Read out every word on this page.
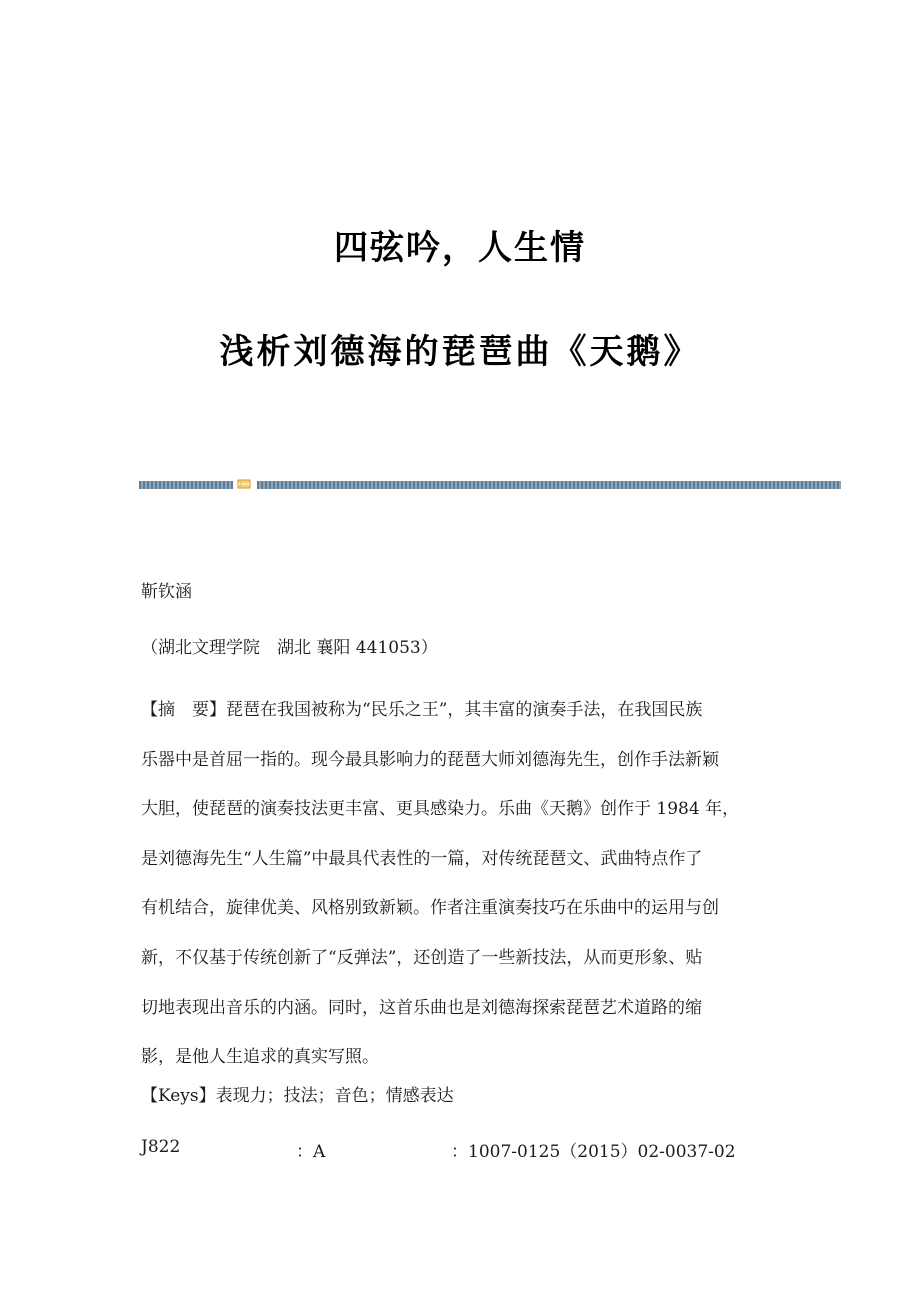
四弦吟，人生情
浅析刘德海的琵琶曲《天鹅》
靳钦涵
（湖北文理学院　湖北 襄阳 441053）
【摘　要】琵琶在我国被称为“民乐之王”，其丰富的演奏手法，在我国民族
乐器中是首屈一指的。现今最具影响力的琵琶大师刘德海先生，创作手法新颖
大胆，使琵琶的演奏技法更丰富、更具感染力。乐曲《天鹅》创作于 1984 年，
是刘德海先生“人生篇”中最具代表性的一篇，对传统琵琶文、武曲特点作了
有机结合，旋律优美、风格别致新颖。作者注重演奏技巧在乐曲中的运用与创
新，不仅基于传统创新了“反弹法”，还创造了一些新技法，从而更形象、贴
切地表现出音乐的内涵。同时，这首乐曲也是刘德海探索琵琶艺术道路的缩
影，是他人生追求的真实写照。
【Keys】表现力；技法；音色；情感表达
J822	：A	：1007-0125（2015）02-0037-02
